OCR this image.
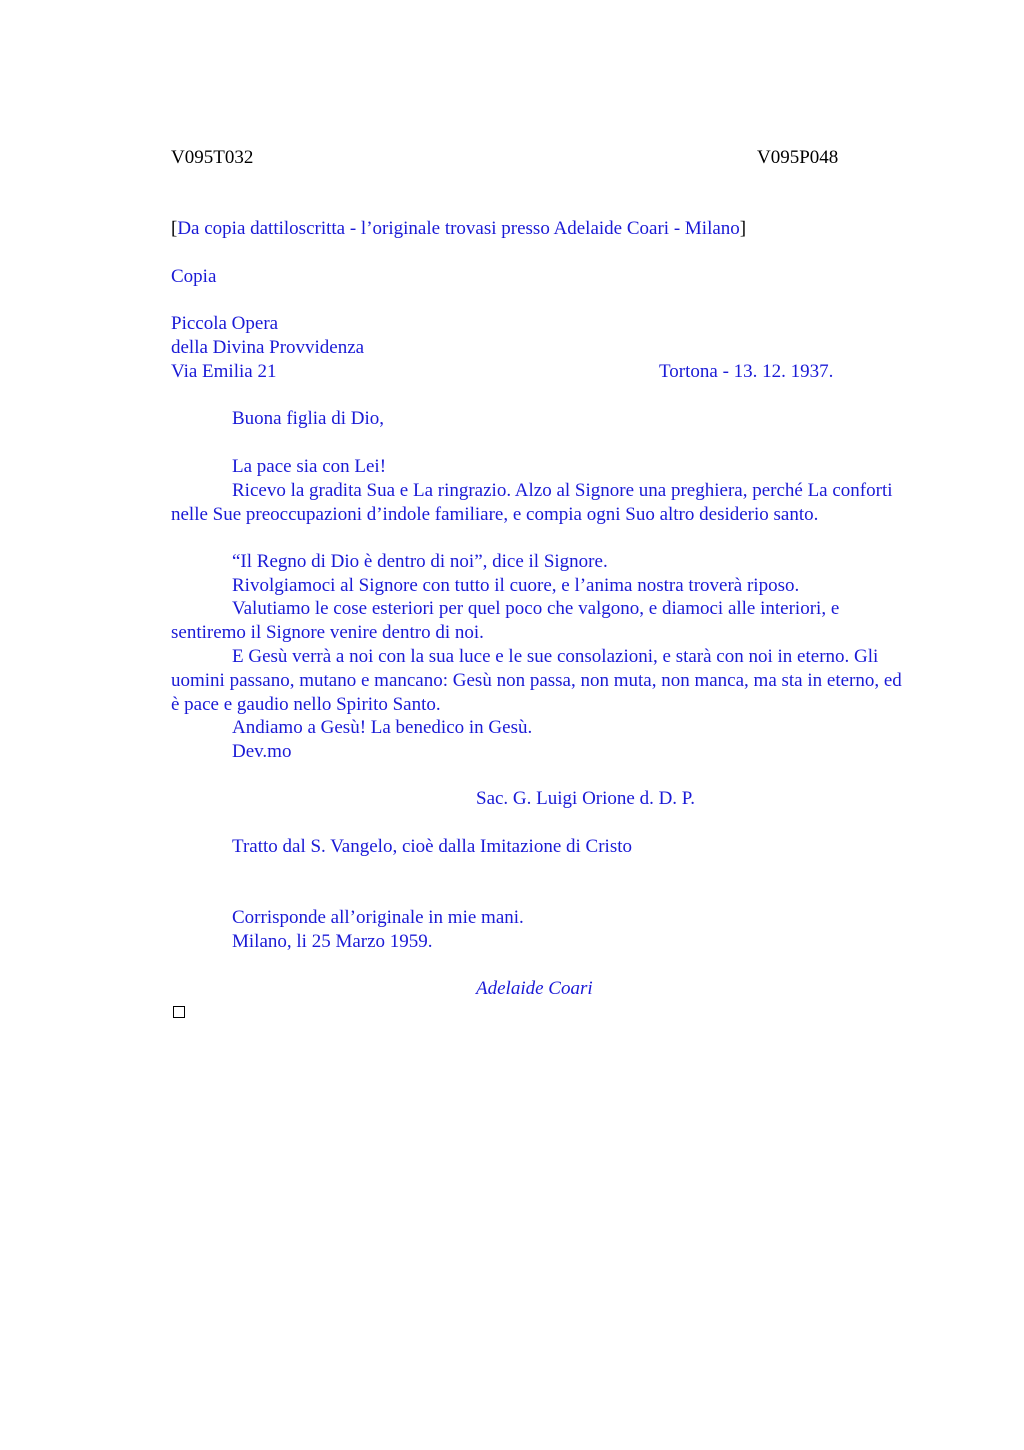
V095T032	V095P048
[Da copia dattiloscritta - l’originale trovasi presso Adelaide Coari - Milano]
Copia
Piccola Opera
della Divina Provvidenza
Via Emilia 21	Tortona - 13. 12. 1937.
Buona figlia di Dio,
La pace sia con Lei!
Ricevo la gradita Sua e La ringrazio. Alzo al Signore una preghiera, perché La conforti nelle Sue preoccupazioni d’indole familiare, e compia ogni Suo altro desiderio santo.
“Il Regno di Dio è dentro di noi”, dice il Signore.
Rivolgiamoci al Signore con tutto il cuore, e l’anima nostra troverà riposo.
Valutiamo le cose esteriori per quel poco che valgono, e diamoci alle interiori, e sentiremo il Signore venire dentro di noi.
E Gesù verrà a noi con la sua luce e le sue consolazioni, e starà con noi in eterno. Gli uomini passano, mutano e mancano: Gesù non passa, non muta, non manca, ma sta in eterno, ed è pace e gaudio nello Spirito Santo.
Andiamo a Gesù! La benedico in Gesù.
Dev.mo
Sac. G. Luigi Orione d. D. P.
Tratto dal S. Vangelo, cioè dalla Imitazione di Cristo
Corrisponde all’originale in mie mani.
Milano, li 25 Marzo 1959.
Adelaide Coari
